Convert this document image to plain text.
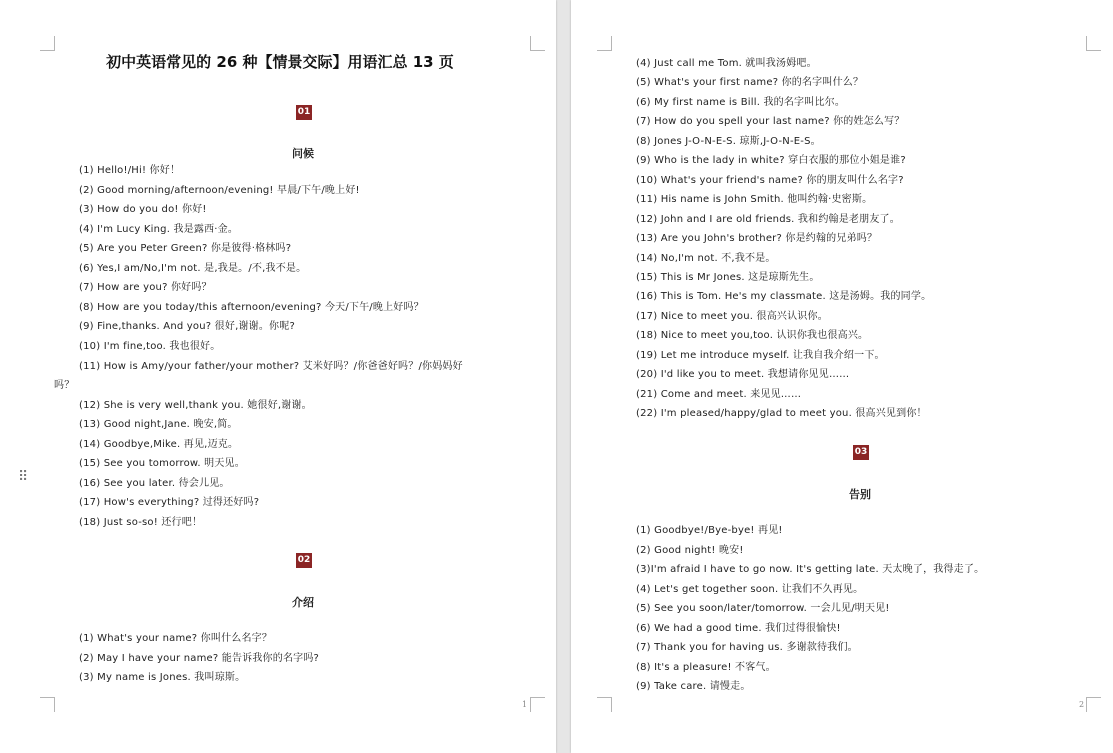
初中英语常见的 26 种【情景交际】用语汇总 13 页
01
问候
(1) Hello!/Hi! 你好！
(2) Good morning/afternoon/evening! 早晨/下午/晚上好!
(3) How do you do! 你好!
(4) I'm Lucy King. 我是露西·金。
(5) Are you Peter Green? 你是彼得·格林吗?
(6) Yes,I am/No,I'm not. 是,我是。/不,我不是。
(7) How are you? 你好吗？
(8) How are you today/this afternoon/evening? 今天/下午/晚上好吗？
(9) Fine,thanks. And you? 很好,谢谢。你呢?
(10) I'm fine,too. 我也很好。
(11) How is Amy/your father/your mother? 艾米好吗？/你爸爸好吗？/你妈妈好
吗？
(12) She is very well,thank you. 她很好,谢谢。
(13) Good night,Jane. 晚安,简。
(14) Goodbye,Mike. 再见,迈克。
(15) See you tomorrow. 明天见。
(16) See you later. 待会儿见。
(17) How's everything? 过得还好吗?
(18) Just so-so! 还行吧！
02
介绍
(1) What's your name? 你叫什么名字？
(2) May I have your name? 能告诉我你的名字吗?
(3) My name is Jones. 我叫琼斯。
1
⠿
(4) Just call me Tom. 就叫我汤姆吧。
(5) What's your first name? 你的名字叫什么？
(6) My first name is Bill. 我的名字叫比尔。
(7) How do you spell your last name? 你的姓怎么写？
(8) Jones J-O-N-E-S. 琼斯,J-O-N-E-S。
(9) Who is the lady in white? 穿白衣服的那位小姐是谁?
(10) What's your friend's name? 你的朋友叫什么名字?
(11) His name is John Smith. 他叫约翰·史密斯。
(12) John and I are old friends. 我和约翰是老朋友了。
(13) Are you John's brother? 你是约翰的兄弟吗？
(14) No,I'm not. 不,我不是。
(15) This is Mr Jones. 这是琼斯先生。
(16) This is Tom. He's my classmate. 这是汤姆。我的同学。
(17) Nice to meet you. 很高兴认识你。
(18) Nice to meet you,too. 认识你我也很高兴。
(19) Let me introduce myself. 让我自我介绍一下。
(20) I'd like you to meet. 我想请你见见……
(21) Come and meet. 来见见……
(22) I'm pleased/happy/glad to meet you. 很高兴见到你！
03
告别
(1) Goodbye!/Bye-bye! 再见!
(2) Good night! 晚安!
(3)I'm afraid I have to go now. It's getting late. 天太晚了，我得走了。
(4) Let's get together soon. 让我们不久再见。
(5) See you soon/later/tomorrow. 一会儿见/明天见!
(6) We had a good time. 我们过得很愉快!
(7) Thank you for having us. 多谢款待我们。
(8) It's a pleasure! 不客气。
(9) Take care. 请慢走。
2
